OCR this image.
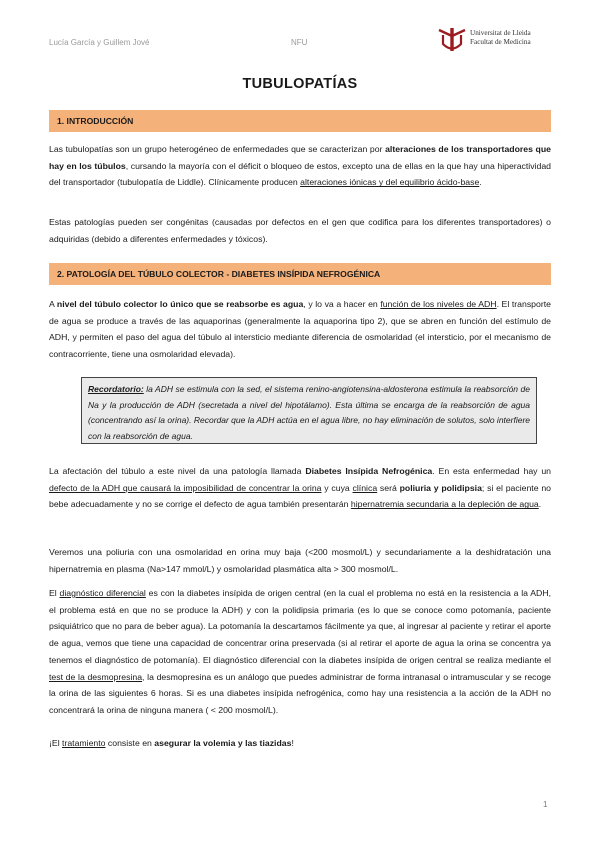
Lucía García y Guillem Jové	NFU
Universitat de Lleida
Facultat de Medicina
TUBULOPATÍAS
1. INTRODUCCIÓN
Las tubulopatías son un grupo heterogéneo de enfermedades que se caracterizan por alteraciones de los transportadores que hay en los túbulos, cursando la mayoría con el déficit o bloqueo de estos, excepto una de ellas en la que hay una hiperactividad del transportador (tubulopatía de Liddle). Clínicamente producen alteraciones iónicas y del equilibrio ácido-base.
Estas patologías pueden ser congénitas (causadas por defectos en el gen que codifica para los diferentes transportadores) o adquiridas (debido a diferentes enfermedades y tóxicos).
2. PATOLOGÍA DEL TÚBULO COLECTOR - DIABETES INSÍPIDA NEFROGÉNICA
A nivel del túbulo colector lo único que se reabsorbe es agua, y lo va a hacer en función de los niveles de ADH. El transporte de agua se produce a través de las aquaporinas (generalmente la aquaporina tipo 2), que se abren en función del estímulo de ADH, y permiten el paso del agua del túbulo al intersticio mediante diferencia de osmolaridad (el intersticio, por el mecanismo de contracorriente, tiene una osmolaridad elevada).
Recordatorio: la ADH se estimula con la sed, el sistema renino-angiotensina-aldosterona estimula la reabsorción de Na y la producción de ADH (secretada a nivel del hipotálamo). Esta última se encarga de la reabsorción de agua (concentrando así la orina). Recordar que la ADH actúa en el agua libre, no hay eliminación de solutos, solo interfiere con la reabsorción de agua.
La afectación del túbulo a este nivel da una patología llamada Diabetes Insípida Nefrogénica. En esta enfermedad hay un defecto de la ADH que causará la imposibilidad de concentrar la orina y cuya clínica será poliuria y polidipsia; si el paciente no bebe adecuadamente y no se corrige el defecto de agua también presentarán hipernatremia secundaria a la depleción de agua.
Veremos una poliuria con una osmolaridad en orina muy baja (<200 mosmol/L) y secundariamente a la deshidratación una hipernatremia en plasma (Na>147 mmol/L) y osmolaridad plasmática alta > 300 mosmol/L.
El diagnóstico diferencial es con la diabetes insípida de origen central (en la cual el problema no está en la resistencia a la ADH, el problema está en que no se produce la ADH) y con la polidipsia primaria (es lo que se conoce como potomanía, paciente psiquiátrico que no para de beber agua). La potomanía la descartamos fácilmente ya que, al ingresar al paciente y retirar el aporte de agua, vemos que tiene una capacidad de concentrar orina preservada (si al retirar el aporte de agua la orina se concentra ya tenemos el diagnóstico de potomanía). El diagnóstico diferencial con la diabetes insípida de origen central se realiza mediante el test de la desmopresina, la desmopresina es un análogo que puedes administrar de forma intranasal o intramuscular y se recoge la orina de las siguientes 6 horas. Si es una diabetes insípida nefrogénica, como hay una resistencia a la acción de la ADH no concentrará la orina de ninguna manera ( < 200 mosmol/L).
¡El tratamiento consiste en asegurar la volemia y las tiazidas!
1
